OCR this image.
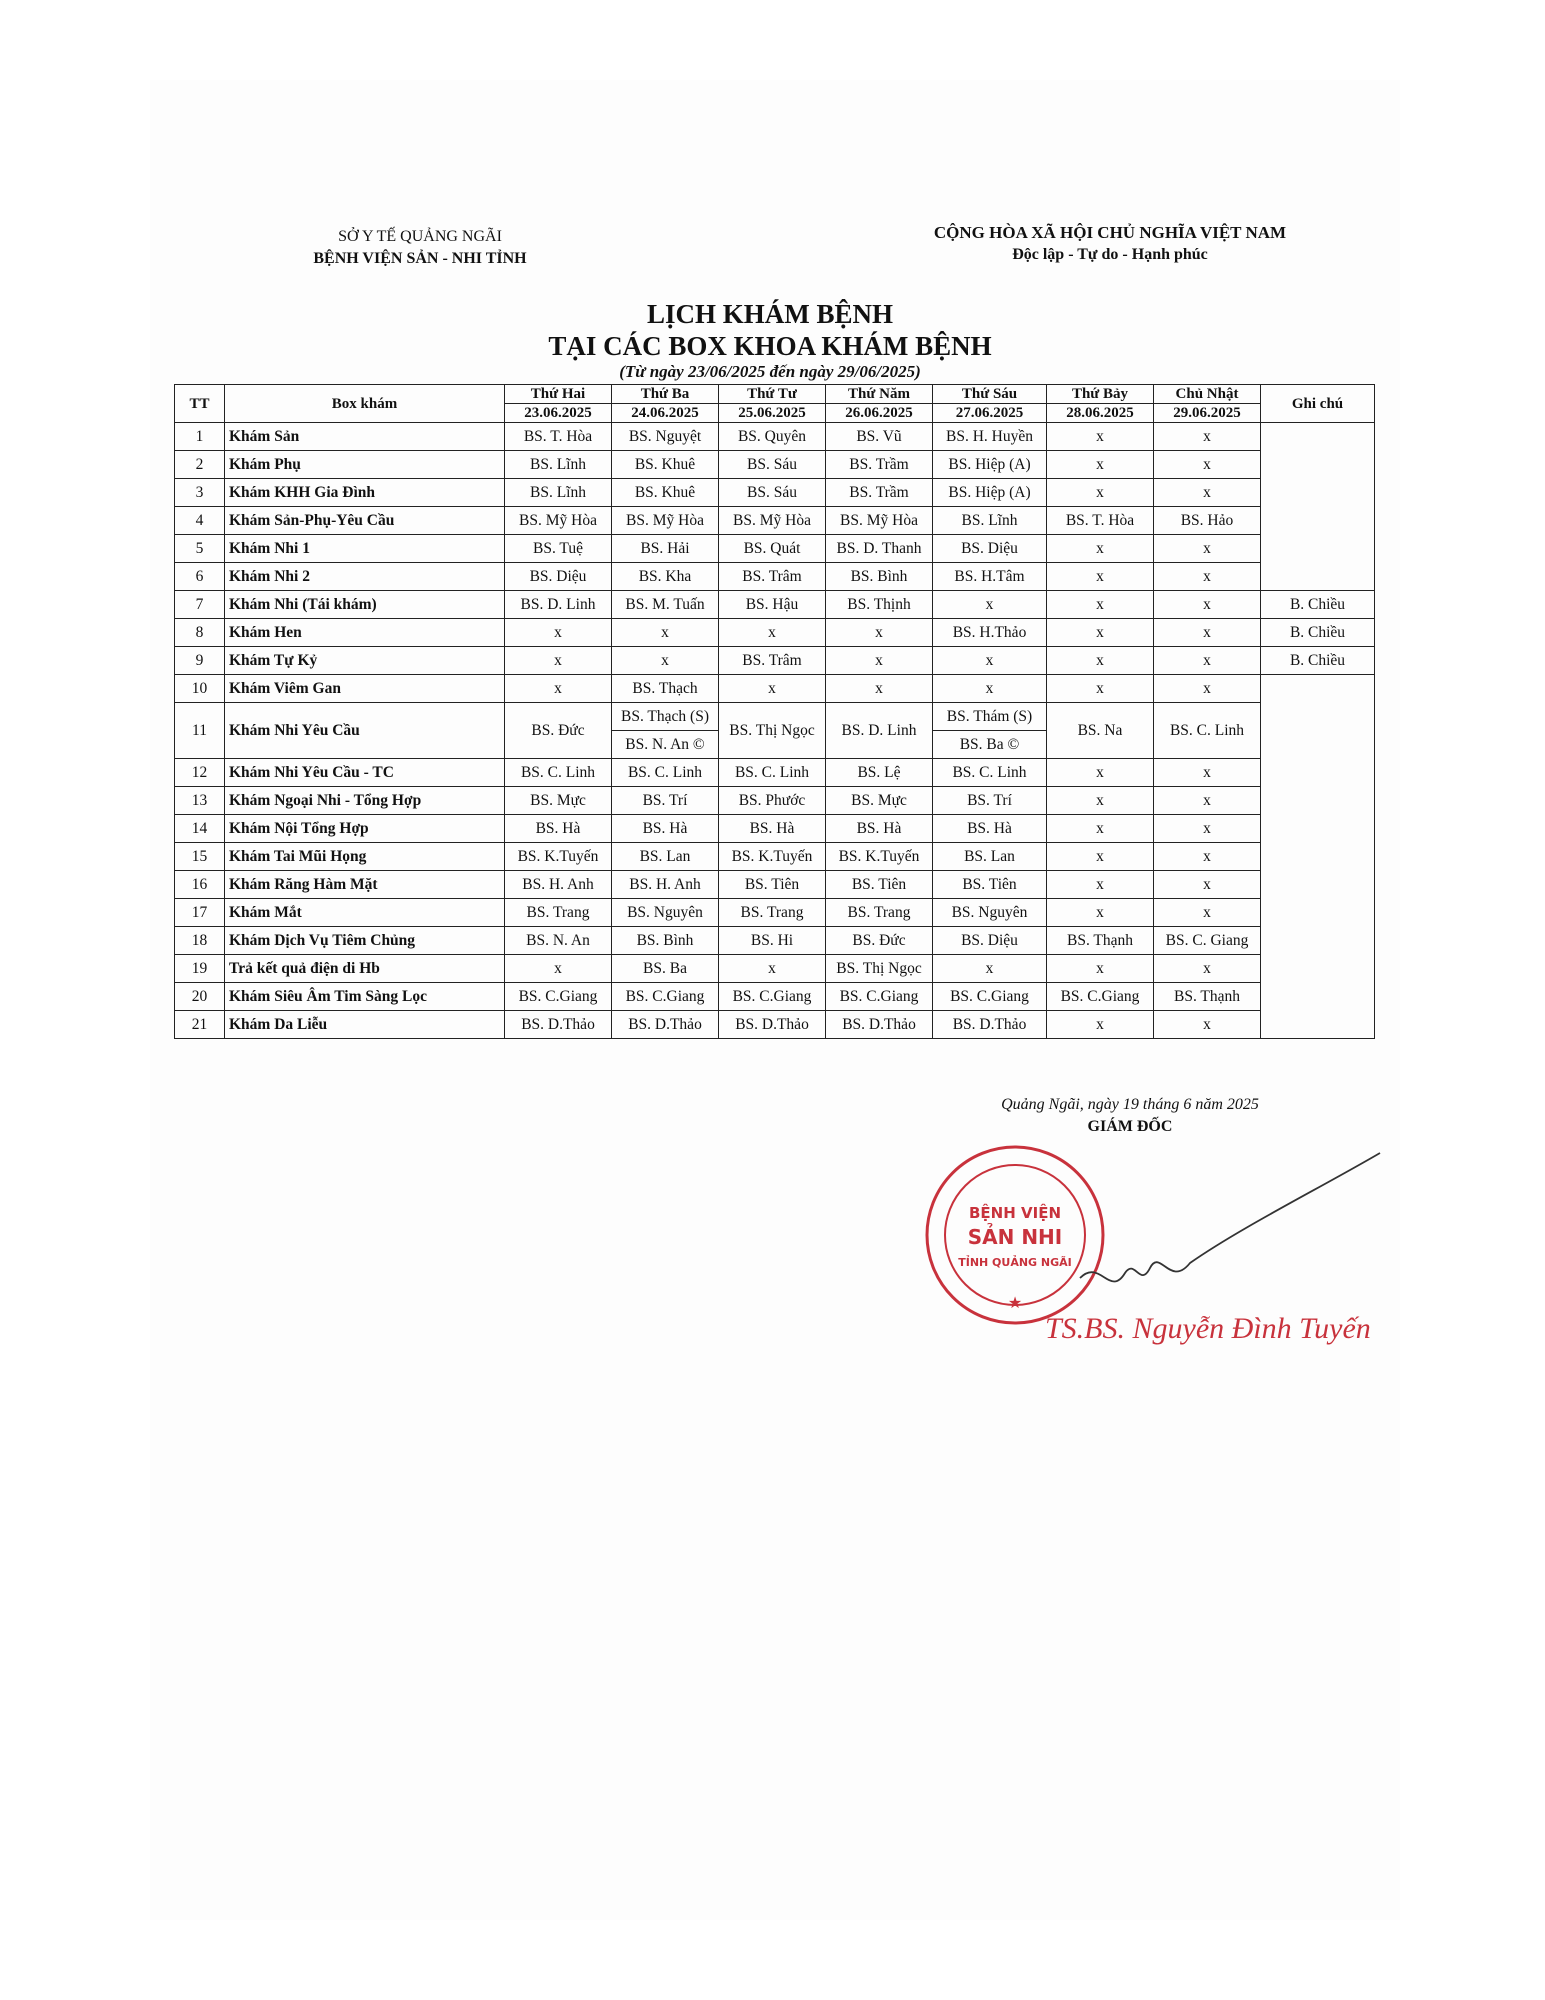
SỞ Y TẾ QUẢNG NGÃI
BỆNH VIỆN SẢN - NHI TỈNH
CỘNG HÒA XÃ HỘI CHỦ NGHĨA VIỆT NAM
Độc lập - Tự do - Hạnh phúc
LỊCH KHÁM BỆNH
TẠI CÁC BOX KHOA KHÁM BỆNH
(Từ ngày 23/06/2025 đến ngày 29/06/2025)
TT	Box khám	Thứ Hai	Thứ Ba	Thứ Tư	Thứ Năm	Thứ Sáu	Thứ Bảy	Chủ Nhật	Ghi chú
		23.06.2025	24.06.2025	25.06.2025	26.06.2025	27.06.2025	28.06.2025	29.06.2025	
1	Khám Sản	BS. T. Hòa	BS. Nguyệt	BS. Quyên	BS. Vũ	BS. H. Huyền	x	x	
2	Khám Phụ	BS. Lĩnh	BS. Khuê	BS. Sáu	BS. Trầm	BS. Hiệp (A)	x	x	
3	Khám KHH Gia Đình	BS. Lĩnh	BS. Khuê	BS. Sáu	BS. Trầm	BS. Hiệp (A)	x	x	
4	Khám Sản-Phụ-Yêu Cầu	BS. Mỹ Hòa	BS. Mỹ Hòa	BS. Mỹ Hòa	BS. Mỹ Hòa	BS. Lĩnh	BS. T. Hòa	BS. Hảo	
5	Khám Nhi 1	BS. Tuệ	BS. Hải	BS. Quát	BS. D. Thanh	BS. Diệu	x	x	
6	Khám Nhi 2	BS. Diệu	BS. Kha	BS. Trâm	BS. Bình	BS. H.Tâm	x	x	
7	Khám Nhi (Tái khám)	BS. D. Linh	BS. M. Tuấn	BS. Hậu	BS. Thịnh	x	x	x	B. Chiều
8	Khám Hen	x	x	x	x	BS. H.Thảo	x	x	B. Chiều
9	Khám Tự Kỷ	x	x	BS. Trâm	x	x	x	x	B. Chiều
10	Khám Viêm Gan	x	BS. Thạch	x	x	x	x	x	
11	Khám Nhi Yêu Cầu	BS. Đức	BS. Thạch (S)	BS. Thị Ngọc	BS. D. Linh	BS. Thám (S)	BS. Na	BS. C. Linh	
			BS. N. An ©			BS. Ba ©			
12	Khám Nhi Yêu Cầu - TC	BS. C. Linh	BS. C. Linh	BS. C. Linh	BS. Lệ	BS. C. Linh	x	x	
13	Khám Ngoại Nhi - Tổng Hợp	BS. Mực	BS. Trí	BS. Phước	BS. Mực	BS. Trí	x	x	
14	Khám Nội Tổng Hợp	BS. Hà	BS. Hà	BS. Hà	BS. Hà	BS. Hà	x	x	
15	Khám Tai Mũi Họng	BS. K.Tuyến	BS. Lan	BS. K.Tuyến	BS. K.Tuyến	BS. Lan	x	x	
16	Khám Răng Hàm Mặt	BS. H. Anh	BS. H. Anh	BS. Tiên	BS. Tiên	BS. Tiên	x	x	
17	Khám Mắt	BS. Trang	BS. Nguyên	BS. Trang	BS. Trang	BS. Nguyên	x	x	
18	Khám Dịch Vụ Tiêm Chủng	BS. N. An	BS. Bình	BS. Hi	BS. Đức	BS. Diệu	BS. Thạnh	BS. C. Giang	
19	Trả kết quả điện di Hb	x	BS. Ba	x	BS. Thị Ngọc	x	x	x	
20	Khám Siêu Âm Tim Sàng Lọc	BS. C.Giang	BS. C.Giang	BS. C.Giang	BS. C.Giang	BS. C.Giang	BS. C.Giang	BS. Thạnh	
21	Khám Da Liễu	BS. D.Thảo	BS. D.Thảo	BS. D.Thảo	BS. D.Thảo	BS. D.Thảo	x	x	
Quảng Ngãi, ngày 19 tháng 6 năm 2025
GIÁM ĐỐC
BỆNH VIỆN
SẢN NHI
TỈNH QUẢNG NGÃI
★
TS.BS. Nguyễn Đình Tuyến
